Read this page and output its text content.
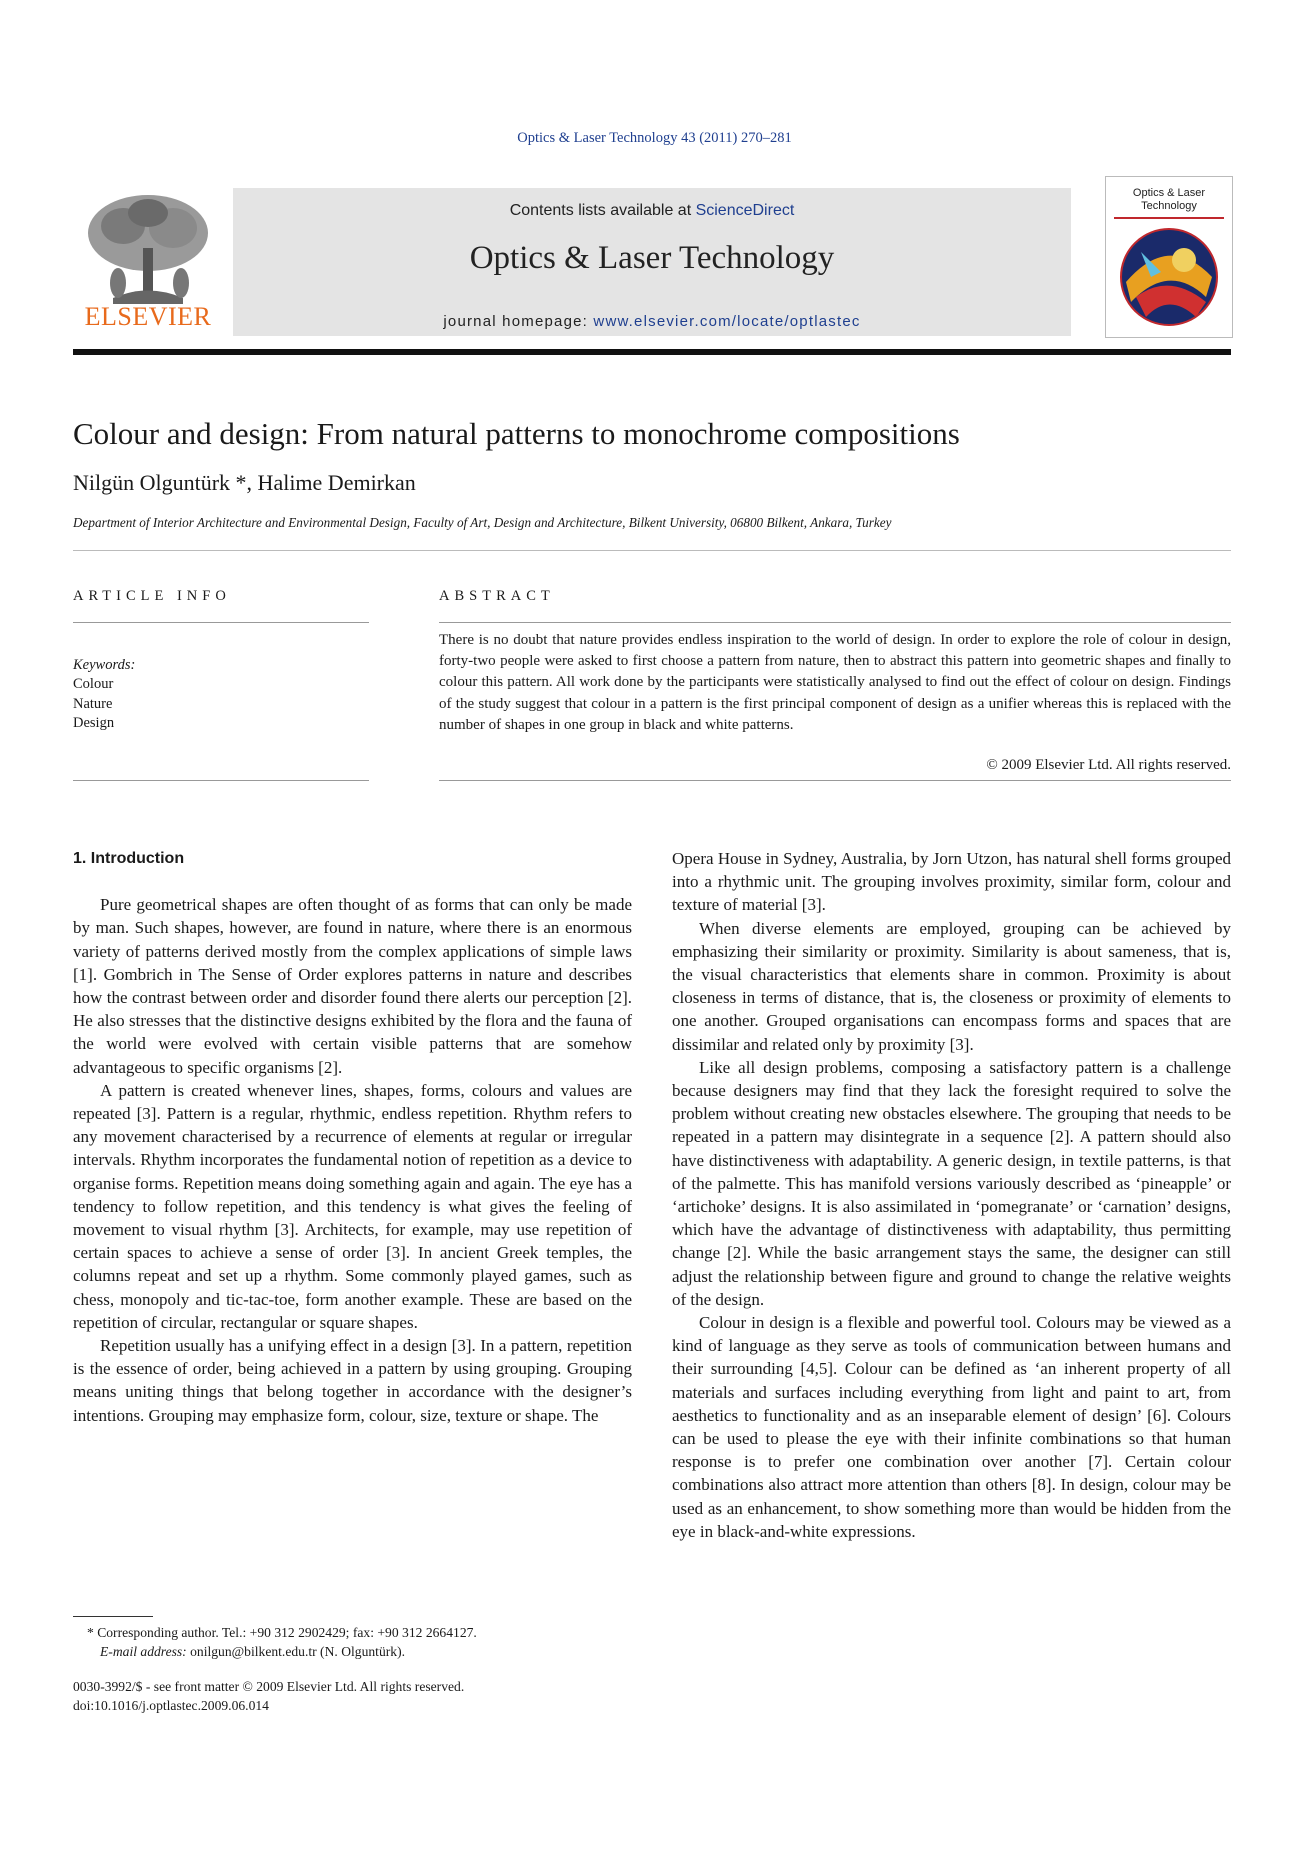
Optics & Laser Technology 43 (2011) 270–281
ELSEVIER
Contents lists available at ScienceDirect
Optics & Laser Technology
journal homepage: www.elsevier.com/locate/optlastec
Optics & Laser
Technology
Colour and design: From natural patterns to monochrome compositions
Nilgün Olguntürk *, Halime Demirkan
Department of Interior Architecture and Environmental Design, Faculty of Art, Design and Architecture, Bilkent University, 06800 Bilkent, Ankara, Turkey
ARTICLE INFO
Keywords:
Colour
Nature
Design
ABSTRACT
There is no doubt that nature provides endless inspiration to the world of design. In order to explore the role of colour in design, forty-two people were asked to first choose a pattern from nature, then to abstract this pattern into geometric shapes and finally to colour this pattern. All work done by the participants were statistically analysed to find out the effect of colour on design. Findings of the study suggest that colour in a pattern is the first principal component of design as a unifier whereas this is replaced with the number of shapes in one group in black and white patterns.
© 2009 Elsevier Ltd. All rights reserved.
1. Introduction

Pure geometrical shapes are often thought of as forms that can only be made by man. Such shapes, however, are found in nature, where there is an enormous variety of patterns derived mostly from the complex applications of simple laws [1]. Gombrich in The Sense of Order explores patterns in nature and describes how the contrast between order and disorder found there alerts our perception [2]. He also stresses that the distinctive designs exhibited by the flora and the fauna of the world were evolved with certain visible patterns that are somehow advantageous to specific organisms [2].

A pattern is created whenever lines, shapes, forms, colours and values are repeated [3]. Pattern is a regular, rhythmic, endless repetition. Rhythm refers to any movement characterised by a recurrence of elements at regular or irregular intervals. Rhythm incorporates the fundamental notion of repetition as a device to organise forms. Repetition means doing something again and again. The eye has a tendency to follow repetition, and this tendency is what gives the feeling of movement to visual rhythm [3]. Architects, for example, may use repetition of certain spaces to achieve a sense of order [3]. In ancient Greek temples, the columns repeat and set up a rhythm. Some commonly played games, such as chess, monopoly and tic-tac-toe, form another example. These are based on the repetition of circular, rectangular or square shapes.

Repetition usually has a unifying effect in a design [3]. In a pattern, repetition is the essence of order, being achieved in a pattern by using grouping. Grouping means uniting things that belong together in accordance with the designer’s intentions. Grouping may emphasize form, colour, size, texture or shape. The

Opera House in Sydney, Australia, by Jorn Utzon, has natural shell forms grouped into a rhythmic unit. The grouping involves proximity, similar form, colour and texture of material [3].

When diverse elements are employed, grouping can be achieved by emphasizing their similarity or proximity. Similarity is about sameness, that is, the visual characteristics that elements share in common. Proximity is about closeness in terms of distance, that is, the closeness or proximity of elements to one another. Grouped organisations can encompass forms and spaces that are dissimilar and related only by proximity [3].

Like all design problems, composing a satisfactory pattern is a challenge because designers may find that they lack the foresight required to solve the problem without creating new obstacles elsewhere. The grouping that needs to be repeated in a pattern may disintegrate in a sequence [2]. A pattern should also have distinctiveness with adaptability. A generic design, in textile patterns, is that of the palmette. This has manifold versions variously described as ‘pineapple’ or ‘artichoke’ designs. It is also assimilated in ‘pomegranate’ or ‘carnation’ designs, which have the advantage of distinctiveness with adaptability, thus permitting change [2]. While the basic arrangement stays the same, the designer can still adjust the relationship between figure and ground to change the relative weights of the design.

Colour in design is a flexible and powerful tool. Colours may be viewed as a kind of language as they serve as tools of communication between humans and their surrounding [4,5]. Colour can be defined as ‘an inherent property of all materials and surfaces including everything from light and paint to art, from aesthetics to functionality and as an inseparable element of design’ [6]. Colours can be used to please the eye with their infinite combinations so that human response is to prefer one combination over another [7]. Certain colour combinations also attract more attention than others [8]. In design, colour may be used as an enhancement, to show something more than would be hidden from the eye in black-and-white expressions.

* Corresponding author. Tel.: +90 312 2902429; fax: +90 312 2664127.
E-mail address: onilgun@bilkent.edu.tr (N. Olguntürk).
0030-3992/$ - see front matter © 2009 Elsevier Ltd. All rights reserved.
doi:10.1016/j.optlastec.2009.06.014
